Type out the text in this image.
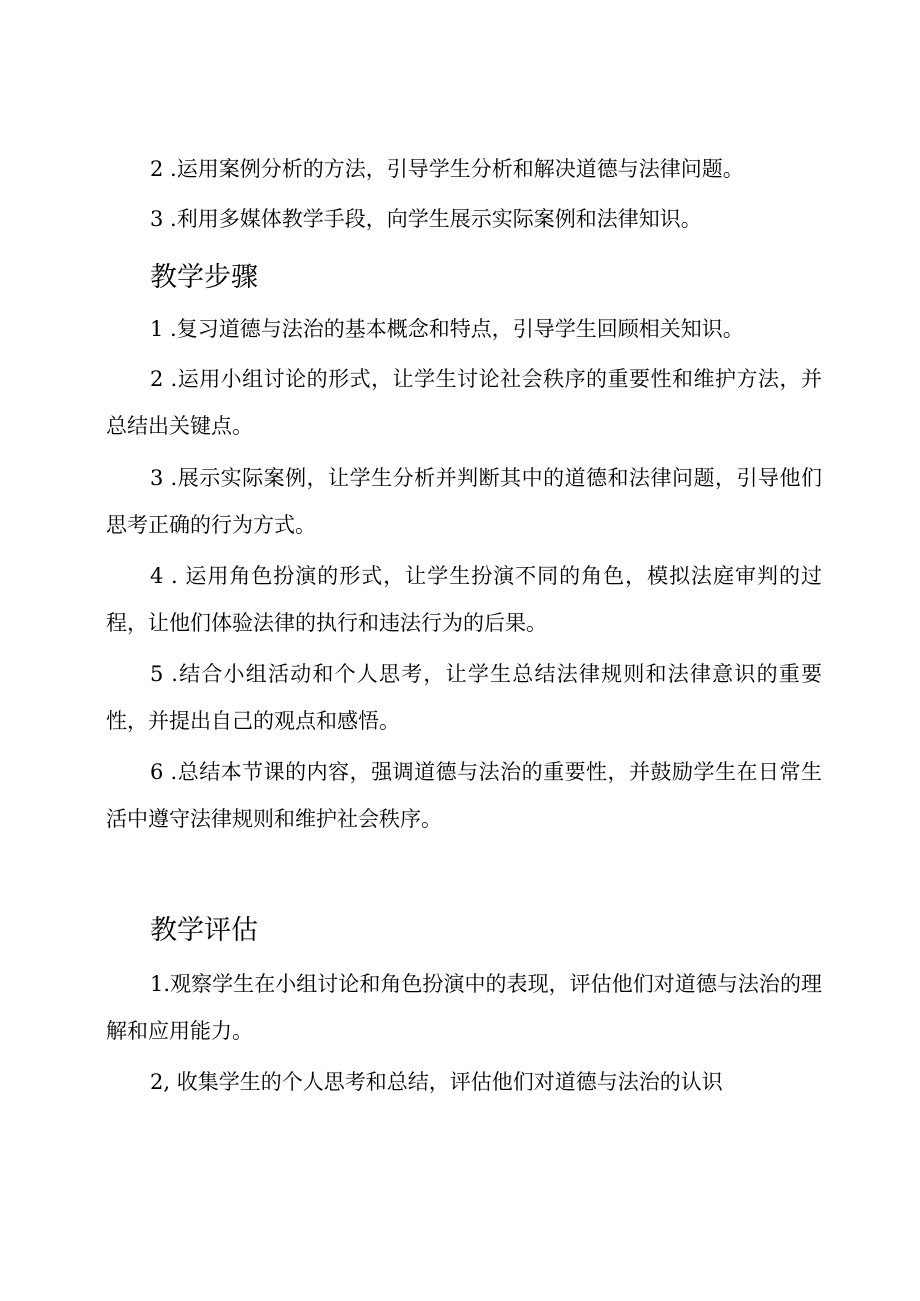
2 .运用案例分析的方法，引导学生分析和解决道德与法律问题。

3 .利用多媒体教学手段，向学生展示实际案例和法律知识。

教学步骤

1 .复习道德与法治的基本概念和特点，引导学生回顾相关知识。

2 .运用小组讨论的形式，让学生讨论社会秩序的重要性和维护方法，并总结出关键点。

3 .展示实际案例，让学生分析并判断其中的道德和法律问题，引导他们思考正确的行为方式。

4 . 运用角色扮演的形式，让学生扮演不同的角色，模拟法庭审判的过程，让他们体验法律的执行和违法行为的后果。

5 .结合小组活动和个人思考，让学生总结法律规则和法律意识的重要性，并提出自己的观点和感悟。

6 .总结本节课的内容，强调道德与法治的重要性，并鼓励学生在日常生活中遵守法律规则和维护社会秩序。

教学评估

1.观察学生在小组讨论和角色扮演中的表现，评估他们对道德与法治的理解和应用能力。

2, 收集学生的个人思考和总结，评估他们对道德与法治的认识
